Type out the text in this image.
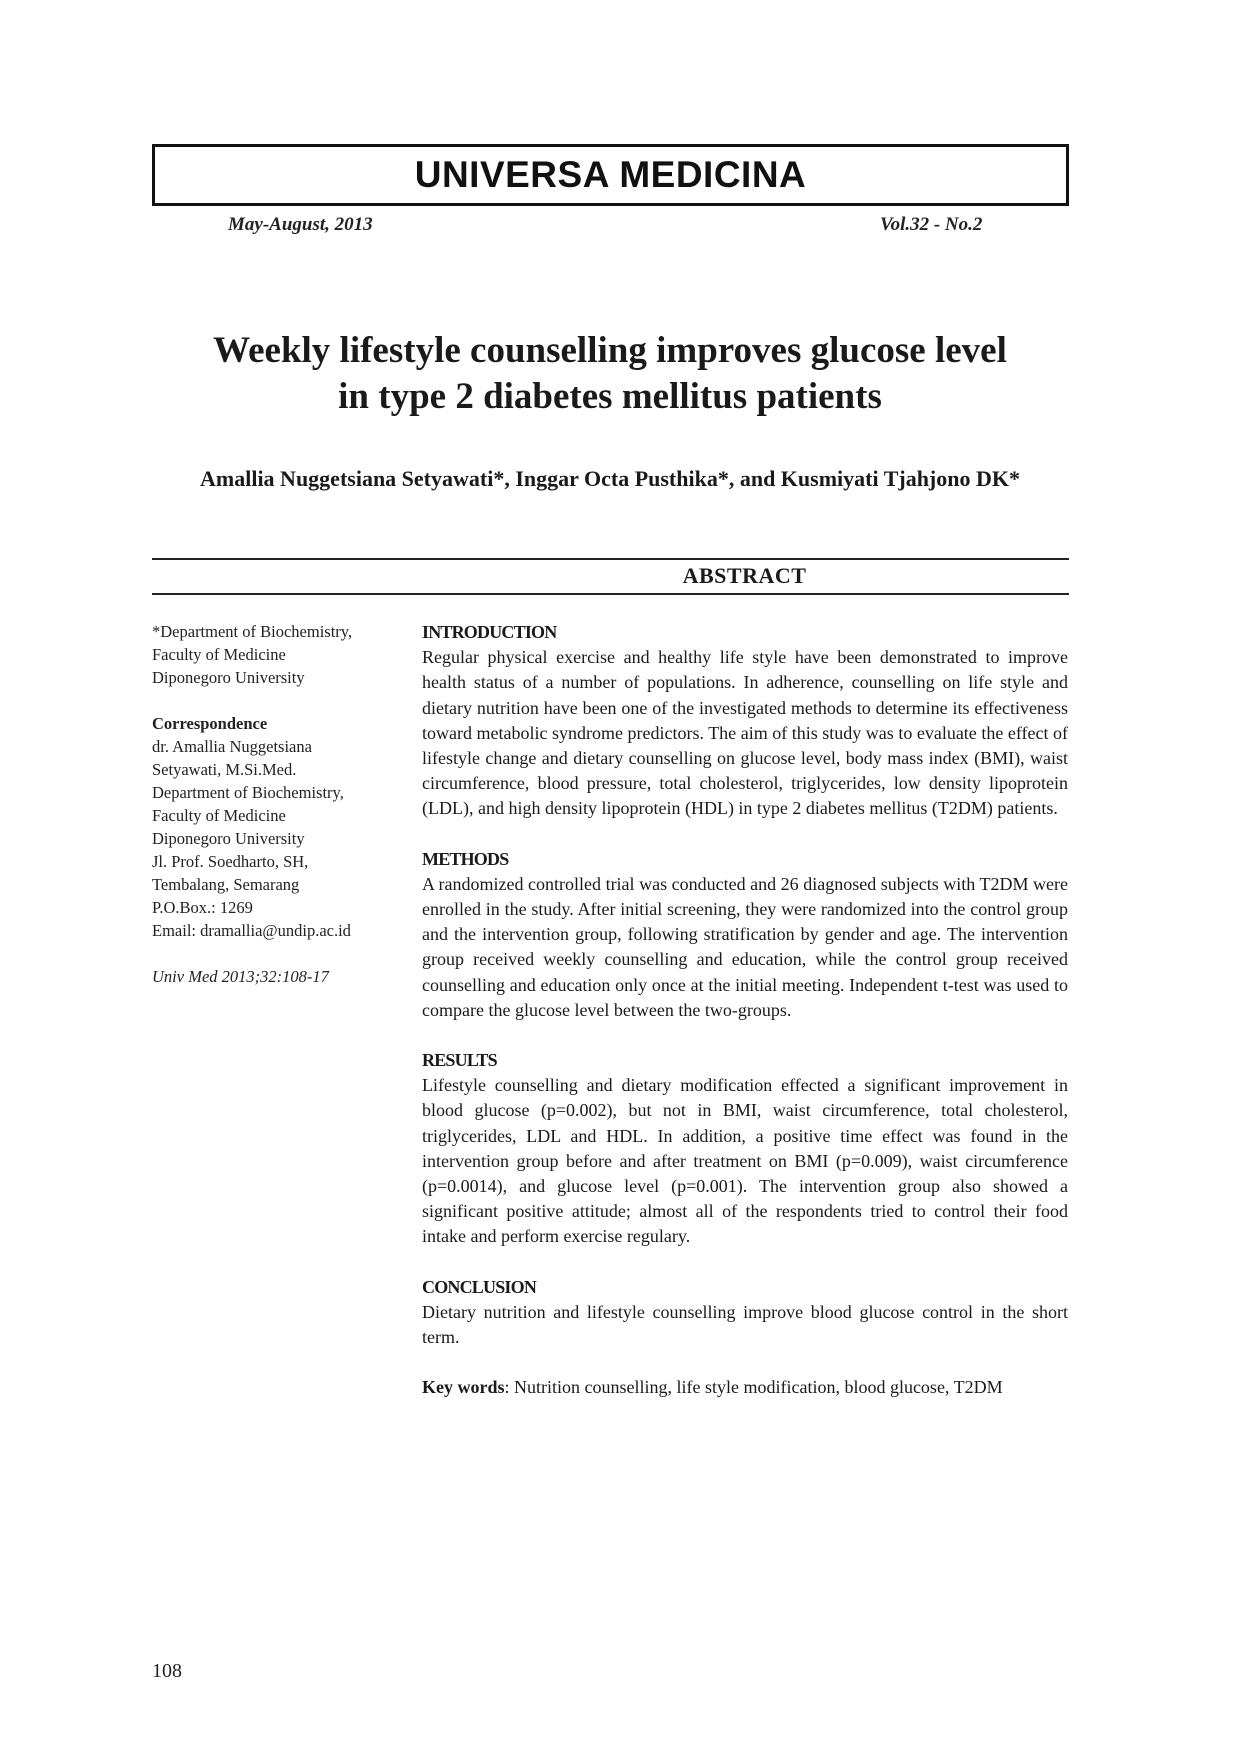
UNIVERSA MEDICINA
May-August, 2013	Vol.32 - No.2
Weekly lifestyle counselling improves glucose level
in type 2 diabetes mellitus patients
Amallia Nuggetsiana Setyawati*, Inggar Octa Pusthika*, and Kusmiyati Tjahjono DK*
ABSTRACT
*Department of Biochemistry,
Faculty of Medicine
Diponegoro University
Correspondence
dr. Amallia Nuggetsiana
Setyawati, M.Si.Med.
Department of Biochemistry,
Faculty of Medicine
Diponegoro University
Jl. Prof. Soedharto, SH,
Tembalang, Semarang
P.O.Box.: 1269
Email: dramallia@undip.ac.id
Univ Med 2013;32:108-17
INTRODUCTION

Regular physical exercise and healthy life style have been demonstrated to improve health status of a number of populations. In adherence, counselling on life style and dietary nutrition have been one of the investigated methods to determine its effectiveness toward metabolic syndrome predictors. The aim of this study was to evaluate the effect of lifestyle change and dietary counselling on glucose level, body mass index (BMI), waist circumference, blood pressure, total cholesterol, triglycerides, low density lipoprotein (LDL), and high density lipoprotein (HDL) in type 2 diabetes mellitus (T2DM) patients.

METHODS

A randomized controlled trial was conducted and 26 diagnosed subjects with T2DM were enrolled in the study. After initial screening, they were randomized into the control group and the intervention group, following stratification by gender and age. The intervention group received weekly counselling and education, while the control group received counselling and education only once at the initial meeting. Independent t-test was used to compare the glucose level between the two-groups.

RESULTS

Lifestyle counselling and dietary modification effected a significant improvement in blood glucose (p=0.002), but not in BMI, waist circumference, total cholesterol, triglycerides, LDL and HDL. In addition, a positive time effect was found in the intervention group before and after treatment on BMI (p=0.009), waist circumference (p=0.0014), and glucose level (p=0.001). The intervention group also showed a significant positive attitude; almost all of the respondents tried to control their food intake and perform exercise regulary.

CONCLUSION

Dietary nutrition and lifestyle counselling improve blood glucose control in the short term.

Key words: Nutrition counselling, life style modification, blood glucose, T2DM
108
